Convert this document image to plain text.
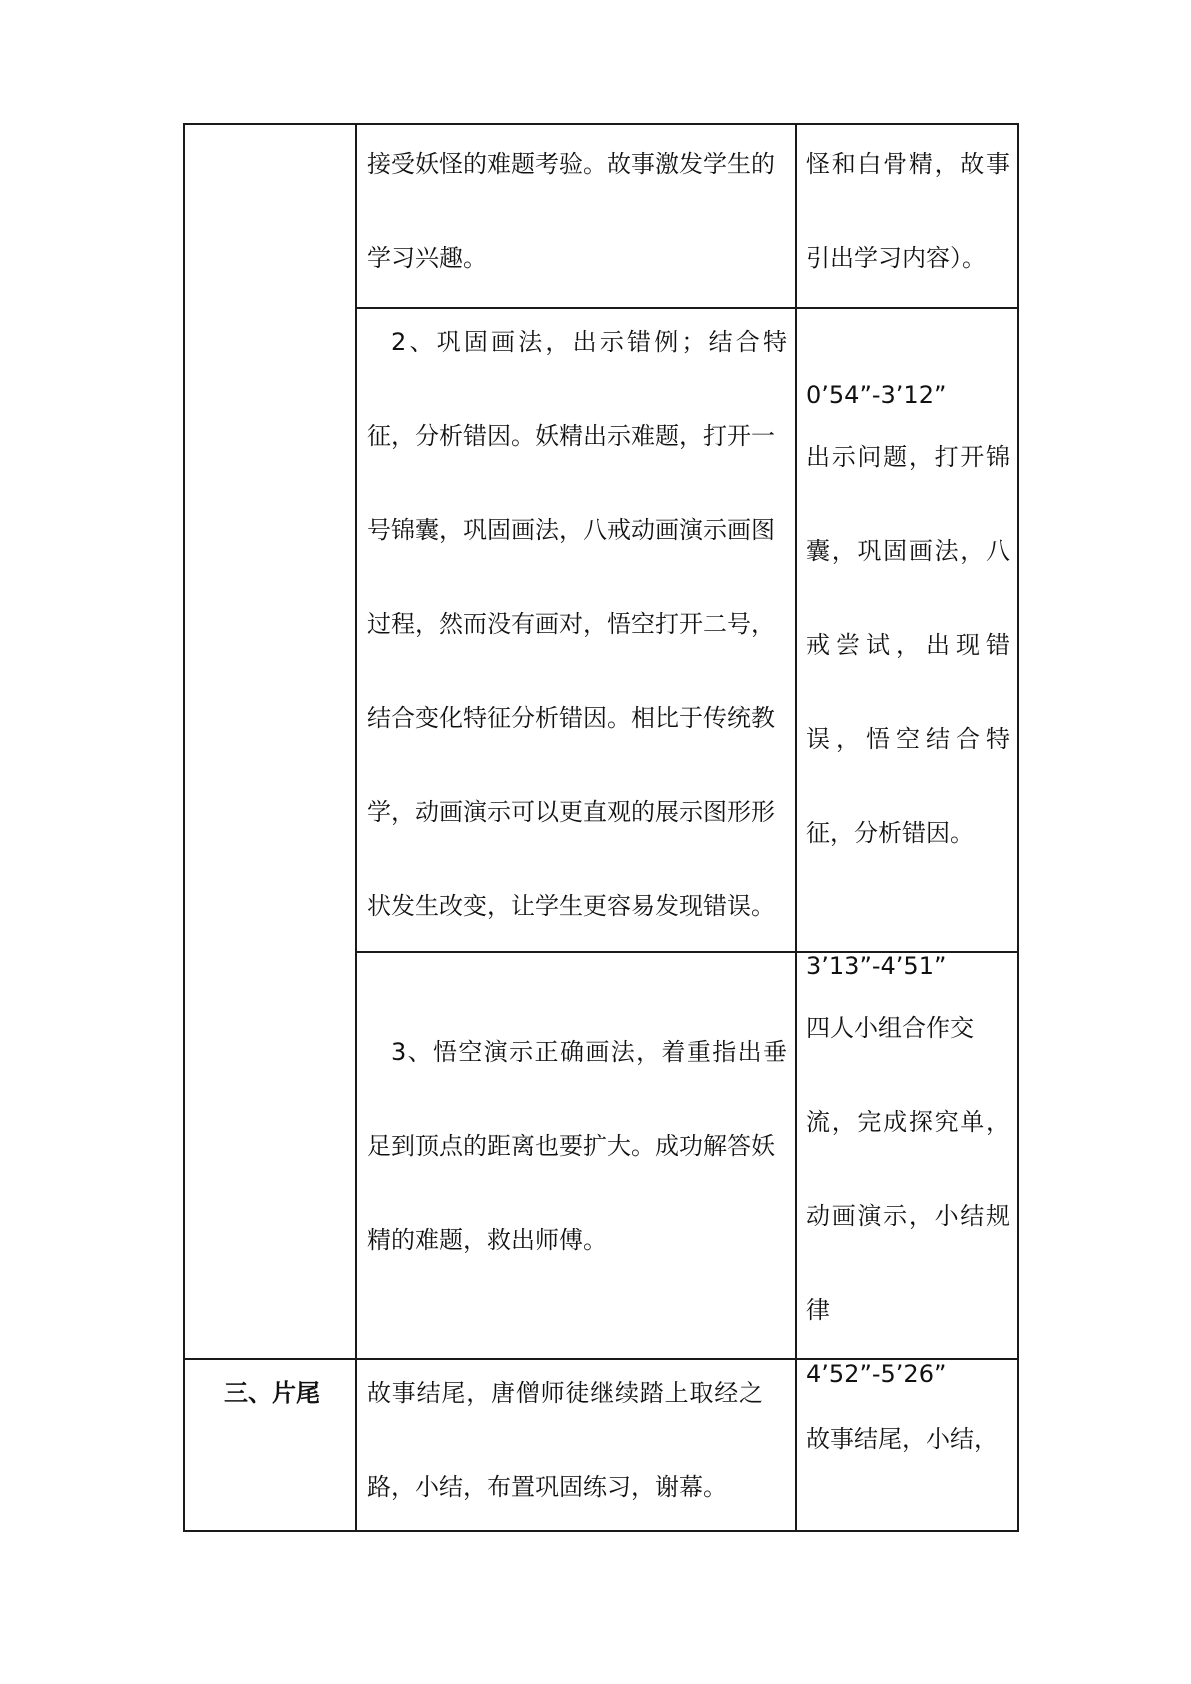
接受妖怪的难题考验。故事激发学生的
学习兴趣。
怪和白骨精，故事
引出学习内容）。
2、巩固画法，出示错例；结合特
征，分析错因。妖精出示难题，打开一
号锦囊，巩固画法，八戒动画演示画图
过程，然而没有画对，悟空打开二号，
结合变化特征分析错因。相比于传统教
学，动画演示可以更直观的展示图形形
状发生改变，让学生更容易发现错误。
0’54”-3’12”
出示问题，打开锦
囊，巩固画法，八
戒尝试，出现错
误，悟空结合特
征，分析错因。
3、悟空演示正确画法，着重指出垂
足到顶点的距离也要扩大。成功解答妖
精的难题，救出师傅。
3’13”-4’51”
四人小组合作交
流，完成探究单，
动画演示，小结规
律
三、片尾	故事结尾，唐僧师徒继续踏上取经之
路，小结，布置巩固练习，谢幕。
4’52”-5’26”
故事结尾，小结，
